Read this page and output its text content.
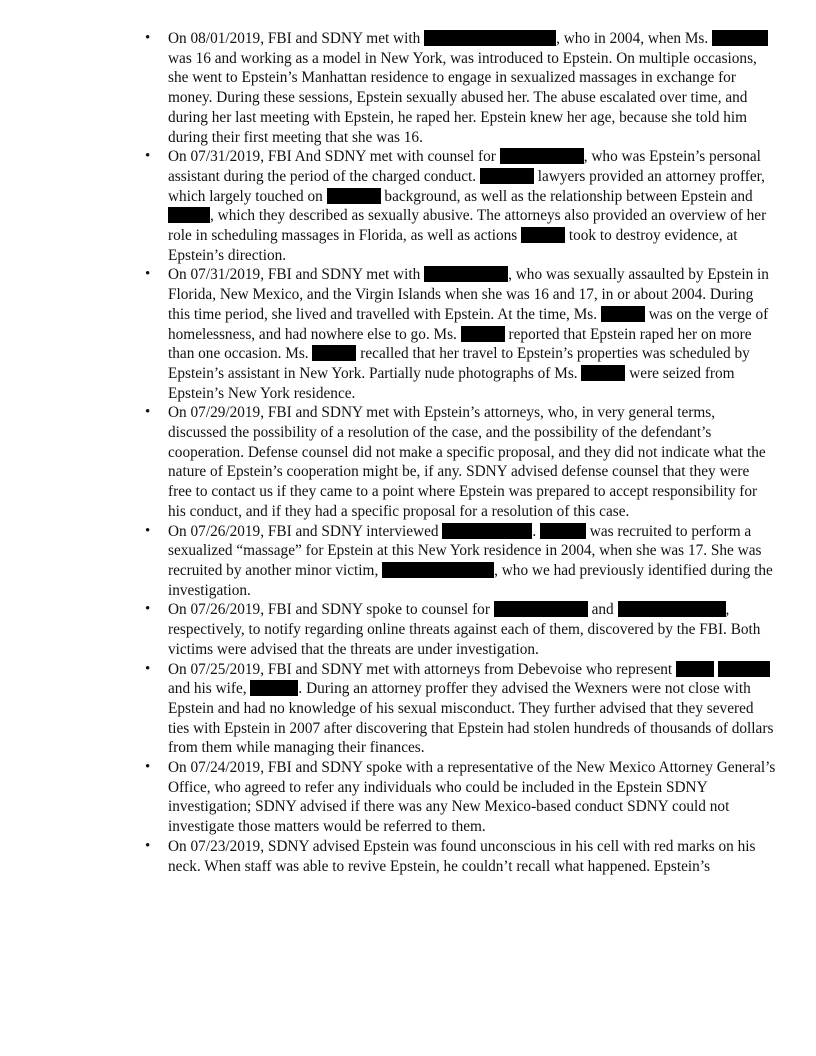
• On 08/01/2019, FBI and SDNY met with	, who in 2004, when Ms.  was 16 and working as a model in New York, was introduced to Epstein. On multiple occasions, she went to Epstein’s Manhattan residence to engage in sexualized massages in exchange for money. During these sessions, Epstein sexually abused her. The abuse escalated over time, and during her last meeting with Epstein, he raped her. Epstein knew her age, because she told him during their first meeting that she was 16.
• On 07/31/2019, FBI And SDNY met with counsel for	, who was Epstein’s personal assistant during the period of the charged conduct.	lawyers provided an attorney proffer, which largely touched on	background, as well as the relationship between Epstein and , which they described as sexually abusive. The attorneys also provided an overview of her role in scheduling massages in Florida, as well as actions	took to destroy evidence, at Epstein’s direction.
• On 07/31/2019, FBI and SDNY met with	, who was sexually assaulted by Epstein in Florida, New Mexico, and the Virgin Islands when she was 16 and 17, in or about 2004. During this time period, she lived and travelled with Epstein. At the time, Ms.	was on the verge of homelessness, and had nowhere else to go. Ms.	reported that Epstein raped her on more than one occasion. Ms.	recalled that her travel to Epstein’s properties was scheduled by Epstein’s assistant in New York. Partially nude photographs of Ms.	were seized from Epstein’s New York residence.
• On 07/29/2019, FBI and SDNY met with Epstein’s attorneys, who, in very general terms, discussed the possibility of a resolution of the case, and the possibility of the defendant’s cooperation. Defense counsel did not make a specific proposal, and they did not indicate what the nature of Epstein’s cooperation might be, if any. SDNY advised defense counsel that they were free to contact us if they came to a point where Epstein was prepared to accept responsibility for his conduct, and if they had a specific proposal for a resolution of this case.
• On 07/26/2019, FBI and SDNY interviewed	.	was recruited to perform a sexualized “massage” for Epstein at this New York residence in 2004, when she was 17. She was recruited by another minor victim,	, who we had previously identified during the investigation.
• On 07/26/2019, FBI and SDNY spoke to counsel for	and	, respectively, to notify regarding online threats against each of them, discovered by the FBI. Both victims were advised that the threats are under investigation.
• On 07/25/2019, FBI and SDNY met with attorneys from Debevoise who represent   and his wife,	. During an attorney proffer they advised the Wexners were not close with Epstein and had no knowledge of his sexual misconduct. They further advised that they severed ties with Epstein in 2007 after discovering that Epstein had stolen hundreds of thousands of dollars from them while managing their finances.
• On 07/24/2019, FBI and SDNY spoke with a representative of the New Mexico Attorney General’s Office, who agreed to refer any individuals who could be included in the Epstein SDNY investigation; SDNY advised if there was any New Mexico-based conduct SDNY could not investigate those matters would be referred to them.
• On 07/23/2019, SDNY advised Epstein was found unconscious in his cell with red marks on his neck. When staff was able to revive Epstein, he couldn’t recall what happened. Epstein’s
